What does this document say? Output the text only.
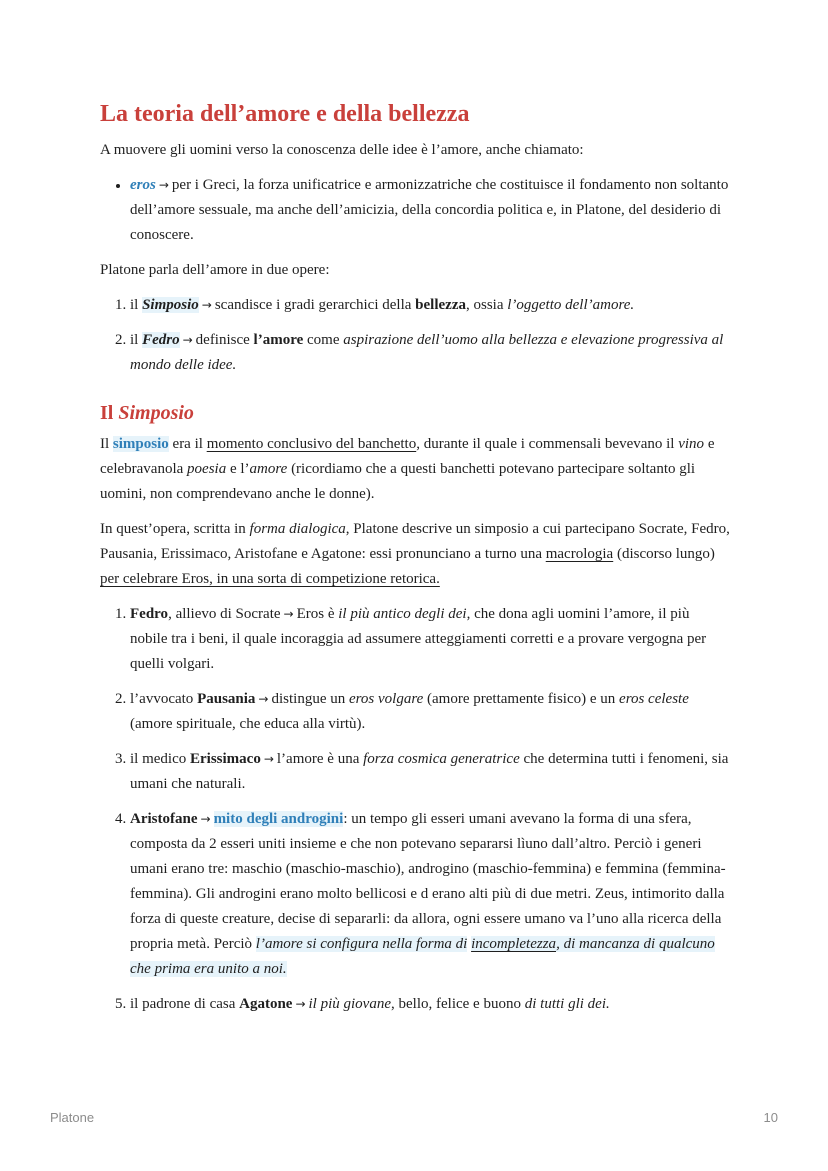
La teoria dell’amore e della bellezza

A muovere gli uomini verso la conoscenza delle idee è l’amore, anche chiamato:

• eros → per i Greci, la forza unificatrice e armonizzatriche che costituisce il fondamento non soltanto dell’amore sessuale, ma anche dell’amicizia, della concordia politica e, in Platone, del desiderio di conoscere.

Platone parla dell’amore in due opere:

1. il Simposio → scandisce i gradi gerarchici della bellezza, ossia l’oggetto dell’amore.
2. il Fedro → definisce l’amore come aspirazione dell’uomo alla bellezza e elevazione progressiva al mondo delle idee.
Il Simposio

Il simposio era il momento conclusivo del banchetto, durante il quale i commensali bevevano il vino e celebravanola poesia e l’amore (ricordiamo che a questi banchetti potevano partecipare soltanto gli uomini, non comprendevano anche le donne).

In quest’opera, scritta in forma dialogica, Platone descrive un simposio a cui partecipano Socrate, Fedro, Pausania, Erissimaco, Aristofane e Agatone: essi pronunciano a turno una macrologia (discorso lungo) per celebrare Eros, in una sorta di competizione retorica.

1. Fedro, allievo di Socrate → Eros è il più antico degli dei, che dona agli uomini l’amore, il più nobile tra i beni, il quale incoraggia ad assumere atteggiamenti corretti e a provare vergogna per quelli volgari.
2. l’avvocato Pausania → distingue un eros volgare (amore prettamente fisico) e un eros celeste (amore spirituale, che educa alla virtù).
3. il medico Erissimaco → l’amore è una forza cosmica generatrice che determina tutti i fenomeni, sia umani che naturali.
4. Aristofane → mito degli androgini: un tempo gli esseri umani avevano la forma di una sfera, composta da 2 esseri uniti insieme e che non potevano separarsi lìuno dall’altro. Perciò i generi umani erano tre: maschio (maschio-maschio), androgino (maschio-femmina) e femmina (femmina-femmina). Gli androgini erano molto bellicosi e d erano alti più di due metri. Zeus, intimorito dalla forza di queste creature, decise di separarli: da allora, ogni essere umano va l’uno alla ricerca della propria metà. Perciò l’amore si configura nella forma di incompletezza, di mancanza di qualcuno che prima era unito a noi.
5. il padrone di casa Agatone → il più giovane, bello, felice e buono di tutti gli dei.
Platone	10
